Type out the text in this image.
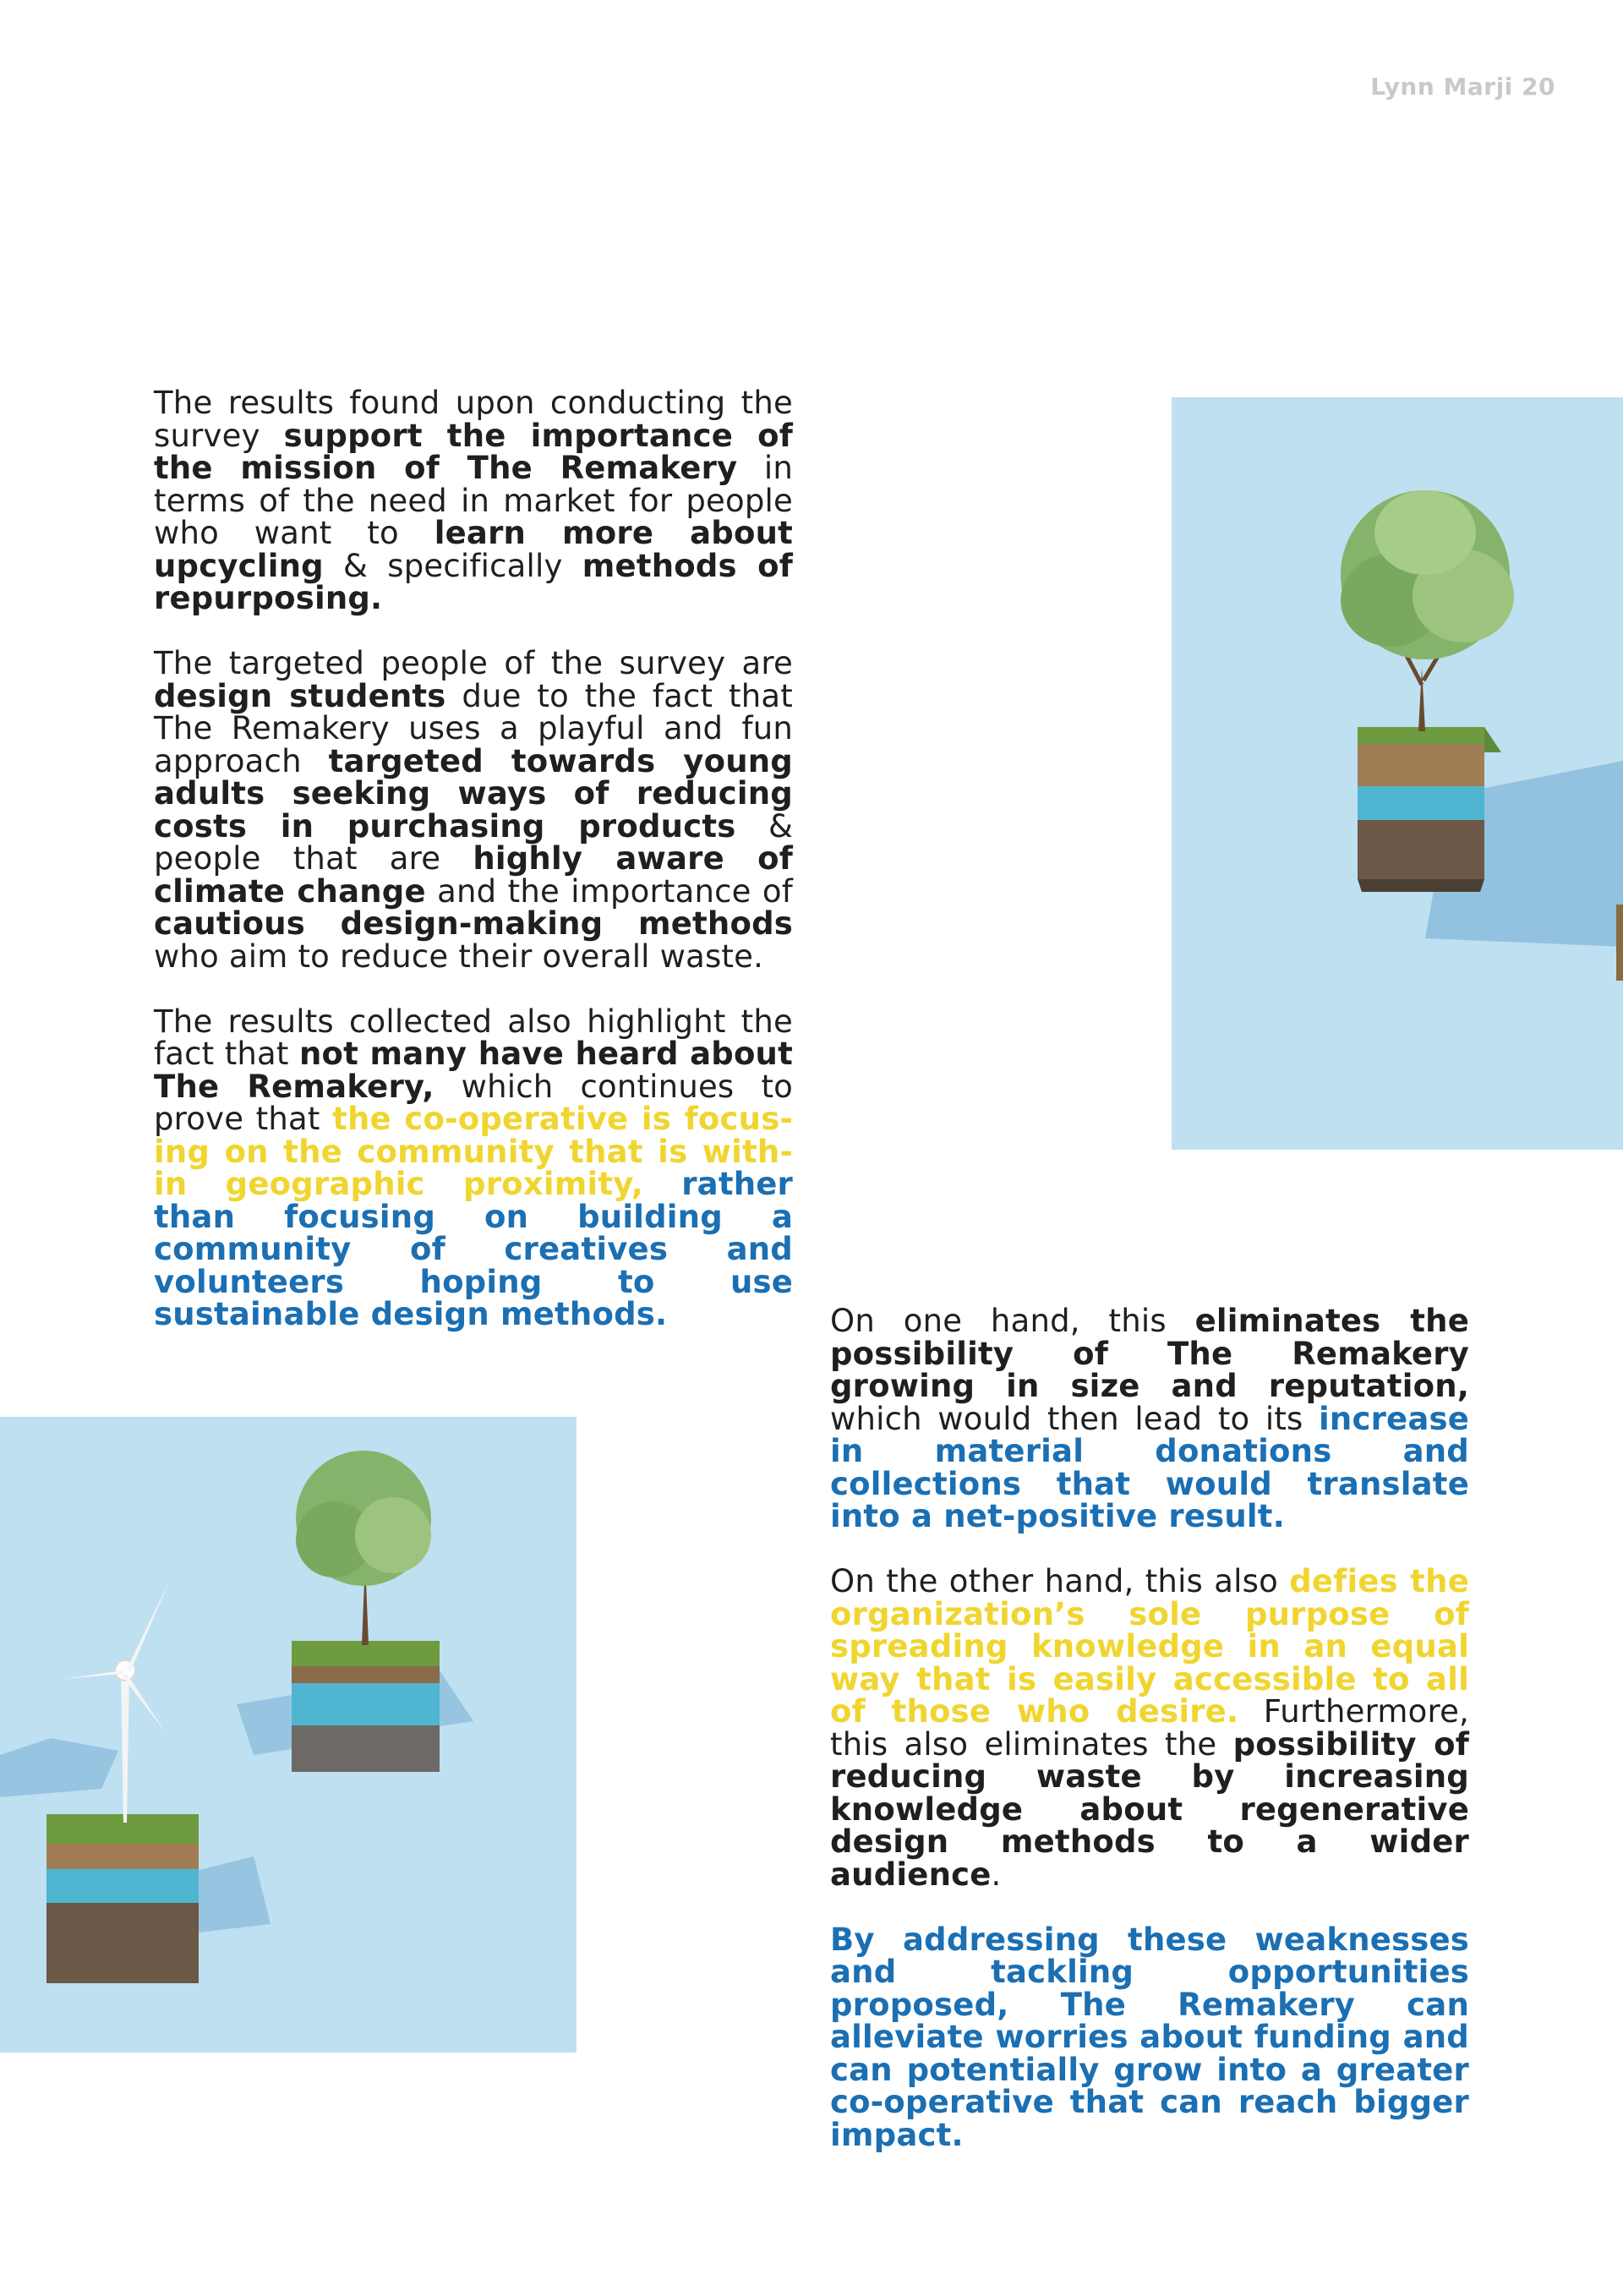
Lynn Marji 20

The results found upon conducting the survey support the importance of the mission of The Remakery in terms of the need in market for people who want to learn more about upcycling & specifically methods of repurposing.

The targeted people of the survey are design students due to the fact that The Remakery uses a playful and fun approach targeted towards young adults seeking ways of reducing costs in purchasing products & people that are highly aware of climate change and the importance of cautious design-making methods who aim to reduce their overall waste.

The results collected also highlight the fact that not many have heard about The Remakery, which continues to prove that the co-operative is focus-ing on the community that is with-in geographic proximity, rather than focusing on building a community of creatives and volunteers hoping to use sustainable design methods.	On one hand, this eliminates the possibility of The Remakery growing in size and reputation, which would then lead to its increase in material donations and collections that would translate into a net-positive result.

On the other hand, this also defies the organization’s sole purpose of spreading knowledge in an equal way that is easily accessible to all of those who desire. Furthermore, this also eliminates the possibility of reducing waste by increasing knowledge about regenerative design methods to a wider audience.

By addressing these weaknesses and tackling opportunities proposed, The Remakery can alleviate worries about funding and can potentially grow into a greater co-operative that can reach bigger impact.
